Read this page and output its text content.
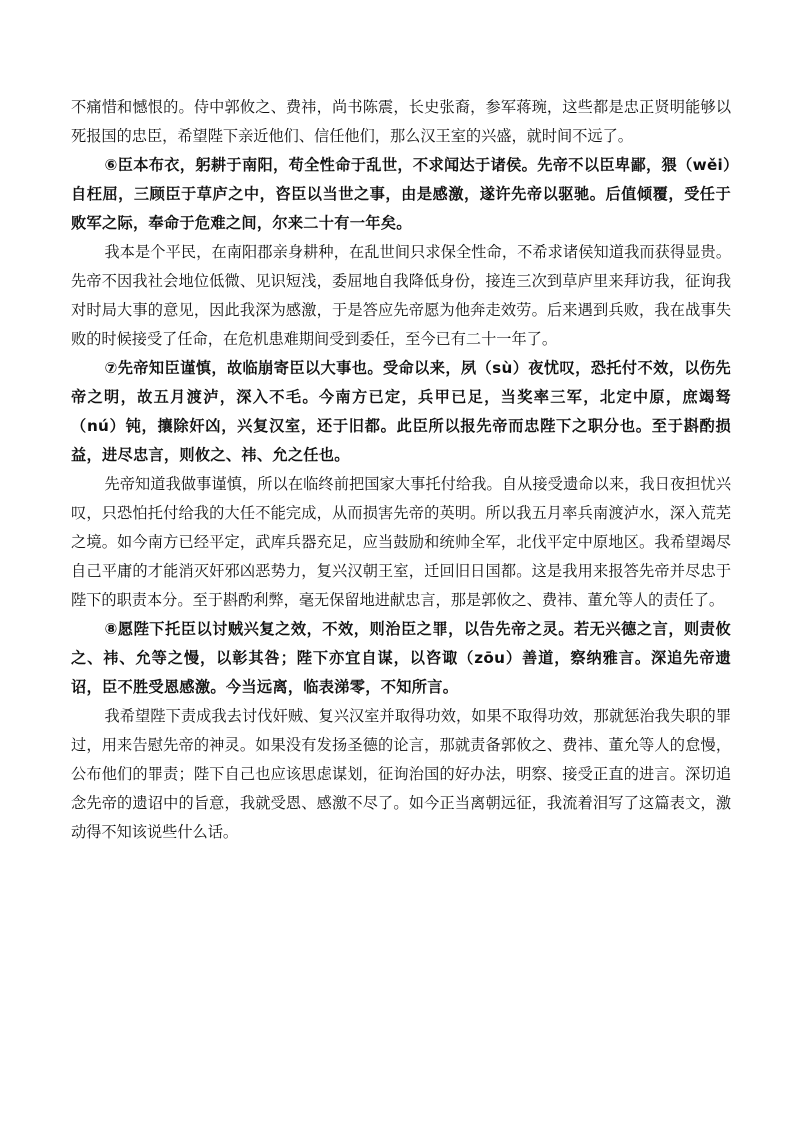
不痛惜和憾恨的。侍中郭攸之、费祎，尚书陈震，长史张裔，参军蒋琬，这些都是忠正贤明能够以死报国的忠臣，希望陛下亲近他们、信任他们，那么汉王室的兴盛，就时间不远了。

⑥臣本布衣，躬耕于南阳，苟全性命于乱世，不求闻达于诸侯。先帝不以臣卑鄙，猥（wěi）自枉屈，三顾臣于草庐之中，咨臣以当世之事，由是感激，遂许先帝以驱驰。后值倾覆，受任于败军之际，奉命于危难之间，尔来二十有一年矣。

我本是个平民，在南阳郡亲身耕种，在乱世间只求保全性命，不希求诸侯知道我而获得显贵。先帝不因我社会地位低微、见识短浅，委屈地自我降低身份，接连三次到草庐里来拜访我，征询我对时局大事的意见，因此我深为感激，于是答应先帝愿为他奔走效劳。后来遇到兵败，我在战事失败的时候接受了任命，在危机患难期间受到委任，至今已有二十一年了。

⑦先帝知臣谨慎，故临崩寄臣以大事也。受命以来，夙（sù）夜忧叹，恐托付不效，以伤先帝之明，故五月渡泸，深入不毛。今南方已定，兵甲已足，当奖率三军，北定中原，庶竭驽（nú）钝，攘除奸凶，兴复汉室，还于旧都。此臣所以报先帝而忠陛下之职分也。至于斟酌损益，进尽忠言，则攸之、祎、允之任也。

先帝知道我做事谨慎，所以在临终前把国家大事托付给我。自从接受遗命以来，我日夜担忧兴叹，只恐怕托付给我的大任不能完成，从而损害先帝的英明。所以我五月率兵南渡泸水，深入荒芜之境。如今南方已经平定，武库兵器充足，应当鼓励和统帅全军，北伐平定中原地区。我希望竭尽自己平庸的才能消灭奸邪凶恶势力，复兴汉朝王室，迁回旧日国都。这是我用来报答先帝并尽忠于陛下的职责本分。至于斟酌利弊，毫无保留地进献忠言，那是郭攸之、费祎、董允等人的责任了。

⑧愿陛下托臣以讨贼兴复之效，不效，则治臣之罪，以告先帝之灵。若无兴德之言，则责攸之、祎、允等之慢，以彰其咎；陛下亦宜自谋，以咨诹（zōu）善道，察纳雅言。深追先帝遗诏，臣不胜受恩感激。今当远离，临表涕零，不知所言。

我希望陛下责成我去讨伐奸贼、复兴汉室并取得功效，如果不取得功效，那就惩治我失职的罪过，用来告慰先帝的神灵。如果没有发扬圣德的论言，那就责备郭攸之、费祎、董允等人的怠慢，公布他们的罪责；陛下自己也应该思虑谋划，征询治国的好办法，明察、接受正直的进言。深切追念先帝的遗诏中的旨意，我就受恩、感激不尽了。如今正当离朝远征，我流着泪写了这篇表文，激动得不知该说些什么话。
